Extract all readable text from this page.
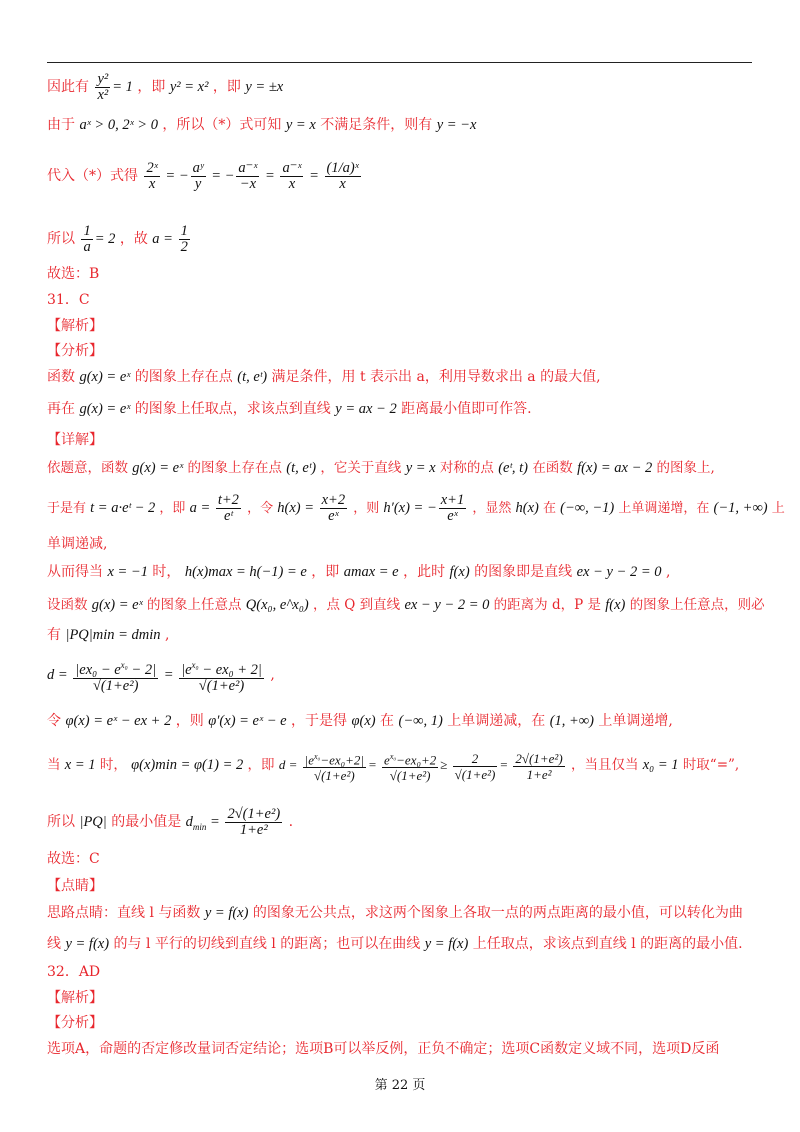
因此有 $\frac{\text{y²}}{\text{x²}} = 1$ ，即 y² = x² ，即 y = ±x
由于 aˣ > 0, 2ˣ > 0 ，所以（*）式可知 y = x 不满足条件，则有 y = −x
代入（*）式得 $\frac{\text{2ˣ}}{x}$ = − $\frac{\text{aʸ}}{y}$ = − $\frac{\text{a⁻ˣ}}{-x} = \frac{\text{a⁻ˣ}}{x} = \frac{\text{(1/a)ˣ}}{x}$
所以 $\frac{1}{a} = 2$ ，故 $a = \frac{1}{2}$
故选：B
31．C
【解析】
【分析】
函数 g(x) = eˣ 的图象上存在点 (t, eᵗ) 满足条件，用 t 表示出 a，利用导数求出 a 的最大值,
再在 g(x) = eˣ 的图象上任取点，求该点到直线 y = ax − 2 距离最小值即可作答.
【详解】
依题意，函数 g(x) = eˣ 的图象上存在点 (t, eᵗ) ，它关于直线 y = x 对称的点 (eᵗ, t) 在函数 f(x) = ax − 2 的图象上,
于是有 t = a·eᵗ − 2 ，即 $a = \frac{t+2}{\text{eᵗ}}$ ，令 $h(x) = \frac{x+2}{\text{eˣ}}$ ，则 h′(x) = − $\frac{x+1}{\text{eˣ}}$ ，显然 h(x) 在 (−∞, −1) 上单调递增，在 (−1, +∞) 上
单调递减,
从而得当 x = −1 时， h(x)max = h(−1) = e ，即 amax = e ，此时 f(x) 的图象即是直线 ex − y − 2 = 0 ,
设函数 g(x) = eˣ 的图象上任意点 Q(x₀, e^x₀) ，点 Q 到直线 ex − y − 2 = 0 的距离为 d，P 是 f(x) 的图象上任意点，则必
有 |PQ|min = dmin ,
$d = \frac{|ex_0 - e^{x_0} - 2|}{\text{√(1+e²)}} = \frac{|e^{x_0} - ex_0 + 2|}{\text{√(1+e²)}}$ ,
令 φ(x) = eˣ − ex + 2 ，则 φ′(x) = eˣ − e ，于是得 φ(x) 在 (−∞, 1) 上单调递减，在 (1, +∞) 上单调递增,
当 x = 1 时， φ(x)min = φ(1) = 2 ，即 $d = \frac{|e^{x_0}-ex_0+2|}{\text{√(1+e²)}} = \frac{e^{x_0}-ex_0+2}{\text{√(1+e²)}} \ge \frac{2}{\text{√(1+e²)}} = \frac{\text{2√(1+e²)}}{\text{1+e²}}$ ，当且仅当 x₀ = 1 时取“=”,
所以 |PQ| 的最小值是 $d_{min} = \frac{\text{2√(1+e²)}}{\text{1+e²}}$ .
故选：C
【点睛】
思路点睛：直线 l 与函数 y = f(x) 的图象无公共点，求这两个图象上各取一点的两点距离的最小值，可以转化为曲
线 y = f(x) 的与 l 平行的切线到直线 l 的距离；也可以在曲线 y = f(x) 上任取点，求该点到直线 l 的距离的最小值.
32．AD
【解析】
【分析】
选项A，命题的否定修改量词否定结论；选项B可以举反例，正负不确定；选项C函数定义域不同，选项D反函
第 22 页
